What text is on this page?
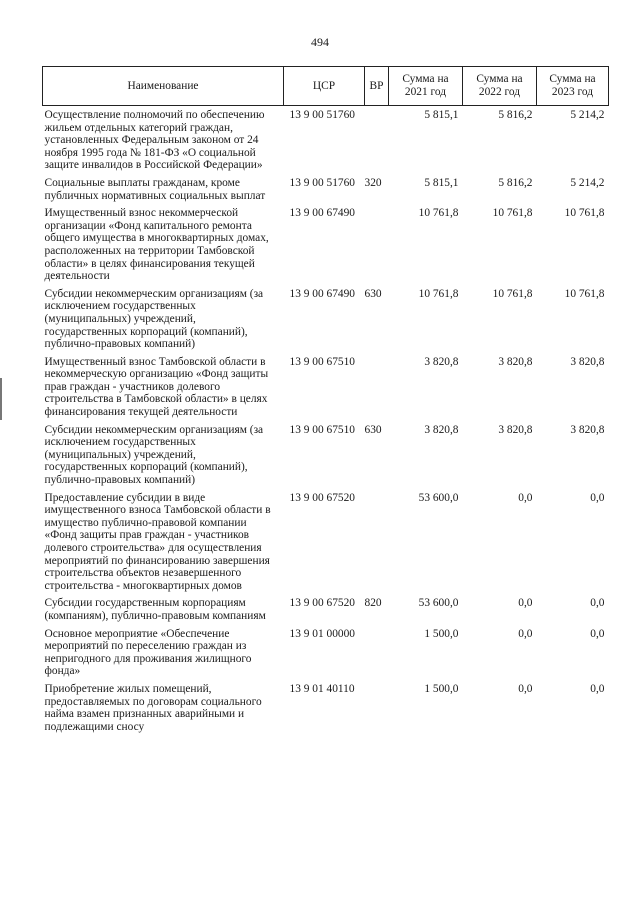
494
Наименование	ЦСР	ВР	Сумма на 2021 год	Сумма на 2022 год	Сумма на 2023 год
Осуществление полномочий по обеспечению жильем отдельных категорий граждан, установленных Федеральным законом от 24 ноября 1995 года № 181-ФЗ «О социальной защите инвалидов в Российской Федерации»	13 9 00 51760		5 815,1	5 816,2	5 214,2
Социальные выплаты гражданам, кроме публичных нормативных социальных выплат	13 9 00 51760	320	5 815,1	5 816,2	5 214,2
Имущественный взнос некоммерческой организации «Фонд капитального ремонта общего имущества в многоквартирных домах, расположенных на территории Тамбовской области» в целях финансирования текущей деятельности	13 9 00 67490		10 761,8	10 761,8	10 761,8
Субсидии некоммерческим организациям (за исключением государственных (муниципальных) учреждений, государственных корпораций (компаний), публично-правовых компаний)	13 9 00 67490	630	10 761,8	10 761,8	10 761,8
Имущественный взнос Тамбовской области в некоммерческую организацию «Фонд защиты прав граждан - участников долевого строительства в Тамбовской области» в целях финансирования текущей деятельности	13 9 00 67510		3 820,8	3 820,8	3 820,8
Субсидии некоммерческим организациям (за исключением государственных (муниципальных) учреждений, государственных корпораций (компаний), публично-правовых компаний)	13 9 00 67510	630	3 820,8	3 820,8	3 820,8
Предоставление субсидии в виде имущественного взноса Тамбовской области в имущество публично-правовой компании «Фонд защиты прав граждан - участников долевого строительства» для осуществления мероприятий по финансированию завершения строительства объектов незавершенного строительства - многоквартирных домов	13 9 00 67520		53 600,0	0,0	0,0
Субсидии государственным корпорациям (компаниям), публично-правовым компаниям	13 9 00 67520	820	53 600,0	0,0	0,0
Основное мероприятие «Обеспечение мероприятий по переселению граждан из непригодного для проживания жилищного фонда»	13 9 01 00000		1 500,0	0,0	0,0
Приобретение жилых помещений, предоставляемых по договорам социального найма взамен признанных аварийными и подлежащими сносу	13 9 01 40110		1 500,0	0,0	0,0
